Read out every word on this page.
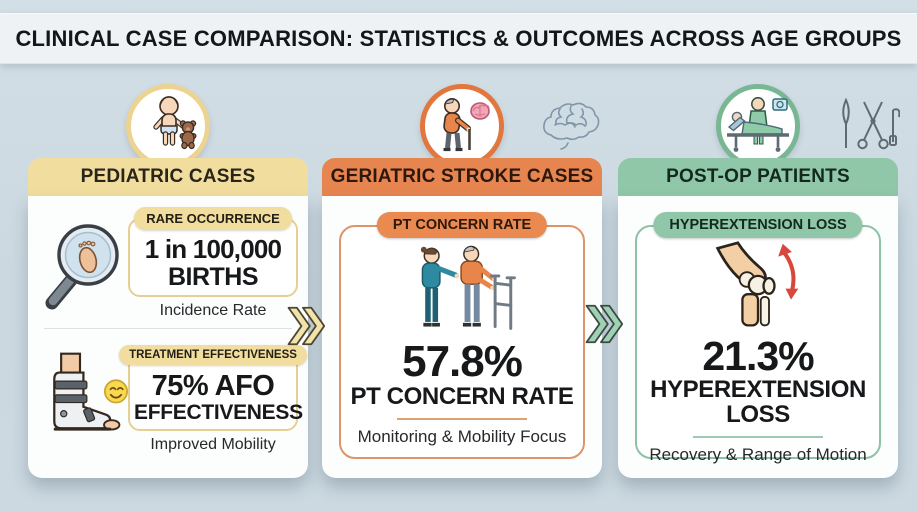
CLINICAL CASE COMPARISON: STATISTICS & OUTCOMES ACROSS AGE GROUPS
PEDIATRIC CASES
RARE OCCURRENCE
1 in 100,000
BIRTHS
Incidence Rate
TREATMENT EFFECTIVENESS
75% AFO
EFFECTIVENESS
Improved Mobility
GERIATRIC STROKE CASES
PT CONCERN RATE
57.8%
PT CONCERN RATE
Monitoring & Mobility Focus
POST-OP PATIENTS
HYPEREXTENSION LOSS
21.3%
HYPEREXTENSION
LOSS
Recovery & Range of Motion
